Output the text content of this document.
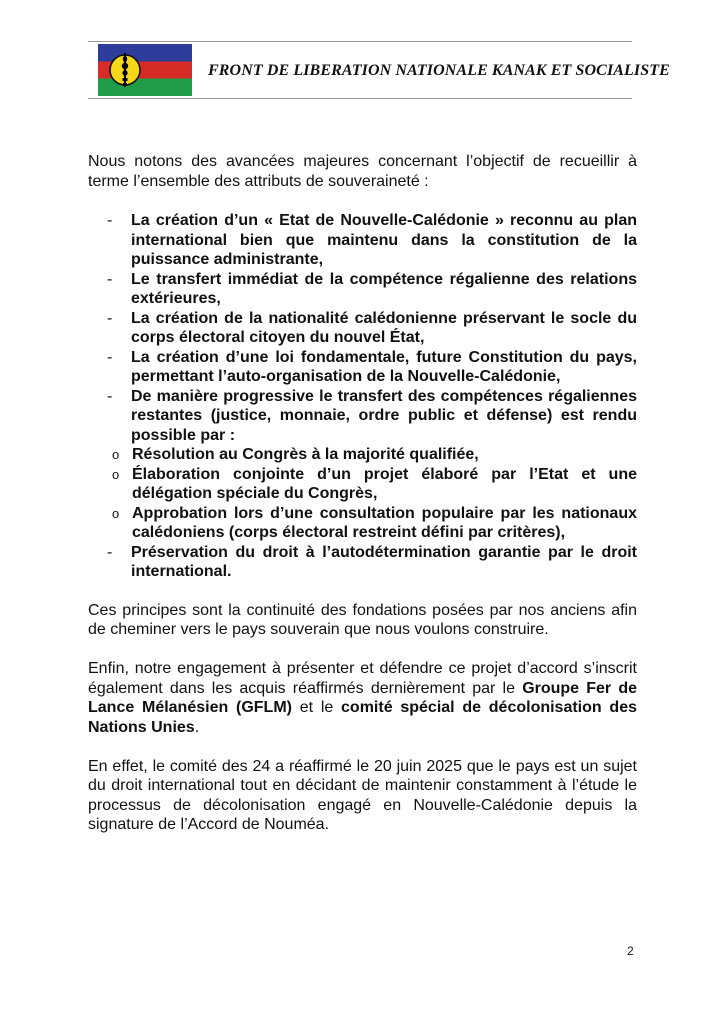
FRONT DE LIBERATION NATIONALE KANAK ET SOCIALISTE

Nous notons des avancées majeures concernant l’objectif de recueillir à terme l’ensemble des attributs de souveraineté :

- La création d’un « Etat de Nouvelle-Calédonie » reconnu au plan international bien que maintenu dans la constitution de la puissance administrante,

- Le transfert immédiat de la compétence régalienne des relations extérieures,

- La création de la nationalité calédonienne préservant le socle du corps électoral citoyen du nouvel État,

- La création d’une loi fondamentale, future Constitution du pays, permettant l’auto-organisation de la Nouvelle-Calédonie,

- De manière progressive le transfert des compétences régaliennes restantes (justice, monnaie, ordre public et défense) est rendu possible par :

o Résolution au Congrès à la majorité qualifiée,

o Élaboration conjointe d’un projet élaboré par l’Etat et une délégation spéciale du Congrès,

o Approbation lors d’une consultation populaire par les nationaux calédoniens (corps électoral restreint défini par critères),

- Préservation du droit à l’autodétermination garantie par le droit international.

Ces principes sont la continuité des fondations posées par nos anciens afin de cheminer vers le pays souverain que nous voulons construire.

Enfin, notre engagement à présenter et défendre ce projet d’accord s’inscrit également dans les acquis réaffirmés dernièrement par le Groupe Fer de Lance Mélanésien (GFLM) et le comité spécial de décolonisation des Nations Unies.

En effet, le comité des 24 a réaffirmé le 20 juin 2025 que le pays est un sujet du droit international tout en décidant de maintenir constamment à l’étude le processus de décolonisation engagé en Nouvelle-Calédonie depuis la signature de l’Accord de Nouméa.

2
